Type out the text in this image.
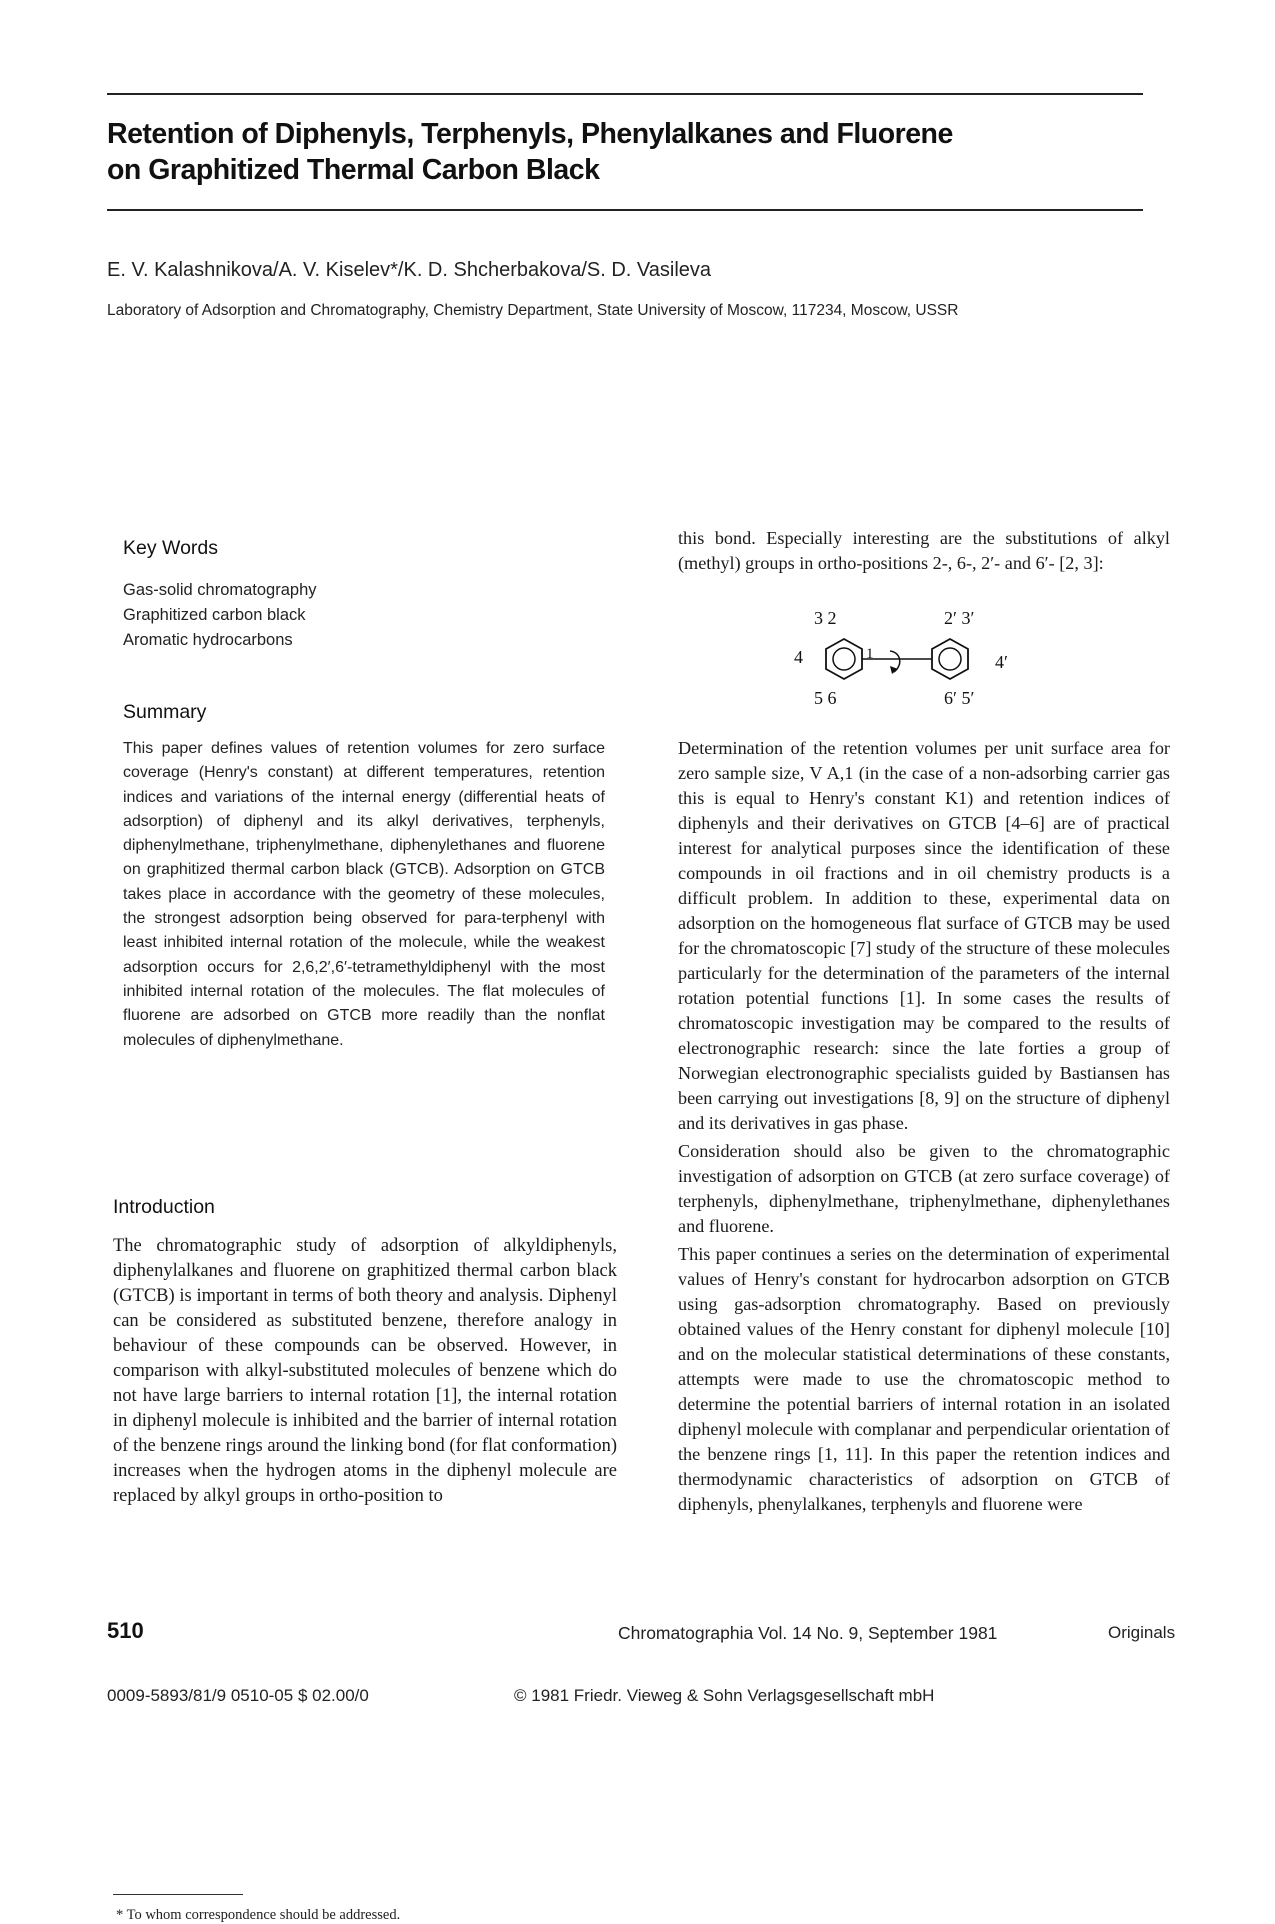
Retention of Diphenyls, Terphenyls, Phenylalkanes and Fluorene
on Graphitized Thermal Carbon Black
E. V. Kalashnikova/A. V. Kiselev*/K. D. Shcherbakova/S. D. Vasileva
Laboratory of Adsorption and Chromatography, Chemistry Department, State University of Moscow, 117234, Moscow, USSR
Key Words
Gas-solid chromatography
Graphitized carbon black
Aromatic hydrocarbons
Summary
This paper defines values of retention volumes for zero surface coverage (Henry's constant) at different temperatures, retention indices and variations of the internal energy (differential heats of adsorption) of diphenyl and its alkyl derivatives, terphenyls, diphenylmethane, triphenylmethane, diphenylethanes and fluorene on graphitized thermal carbon black (GTCB). Adsorption on GTCB takes place in accordance with the geometry of these molecules, the strongest adsorption being observed for para-terphenyl with least inhibited internal rotation of the molecule, while the weakest adsorption occurs for 2,6,2′,6′-tetramethyldiphenyl with the most inhibited internal rotation of the molecules. The flat molecules of fluorene are adsorbed on GTCB more readily than the nonflat molecules of diphenylmethane.
Introduction
The chromatographic study of adsorption of alkyldiphenyls, diphenylalkanes and fluorene on graphitized thermal carbon black (GTCB) is important in terms of both theory and analysis. Diphenyl can be considered as substituted benzene, therefore analogy in behaviour of these compounds can be observed. However, in comparison with alkyl-substituted molecules of benzene which do not have large barriers to internal rotation [1], the internal rotation in diphenyl molecule is inhibited and the barrier of internal rotation of the benzene rings around the linking bond (for flat conformation) increases when the hydrogen atoms in the diphenyl molecule are replaced by alkyl groups in ortho-position to
* To whom correspondence should be addressed.

this bond. Especially interesting are the substitutions of alkyl (methyl) groups in ortho-positions 2-, 6-, 2′- and 6′- [2, 3]:

3 2	2′ 3′
4	1	4′
5 6	6′ 5′

Determination of the retention volumes per unit surface area for zero sample size, V A,1 (in the case of a non-adsorbing carrier gas this is equal to Henry's constant K1) and retention indices of diphenyls and their derivatives on GTCB [4–6] are of practical interest for analytical purposes since the identification of these compounds in oil fractions and in oil chemistry products is a difficult problem. In addition to these, experimental data on adsorption on the homogeneous flat surface of GTCB may be used for the chromatoscopic [7] study of the structure of these molecules particularly for the determination of the parameters of the internal rotation potential functions [1]. In some cases the results of chromatoscopic investigation may be compared to the results of electronographic research: since the late forties a group of Norwegian electronographic specialists guided by Bastiansen has been carrying out investigations [8, 9] on the structure of diphenyl and its derivatives in gas phase.

Consideration should also be given to the chromatographic investigation of adsorption on GTCB (at zero surface coverage) of terphenyls, diphenylmethane, triphenylmethane, diphenylethanes and fluorene.

This paper continues a series on the determination of experimental values of Henry's constant for hydrocarbon adsorption on GTCB using gas-adsorption chromatography. Based on previously obtained values of the Henry constant for diphenyl molecule [10] and on the molecular statistical determinations of these constants, attempts were made to use the chromatoscopic method to determine the potential barriers of internal rotation in an isolated diphenyl molecule with complanar and perpendicular orientation of the benzene rings [1, 11]. In this paper the retention indices and thermodynamic characteristics of adsorption on GTCB of diphenyls, phenylalkanes, terphenyls and fluorene were

510	Chromatographia Vol. 14 No. 9, September 1981	Originals
0009-5893/81/9 0510-05 $ 02.00/0	© 1981 Friedr. Vieweg & Sohn Verlagsgesellschaft mbH
